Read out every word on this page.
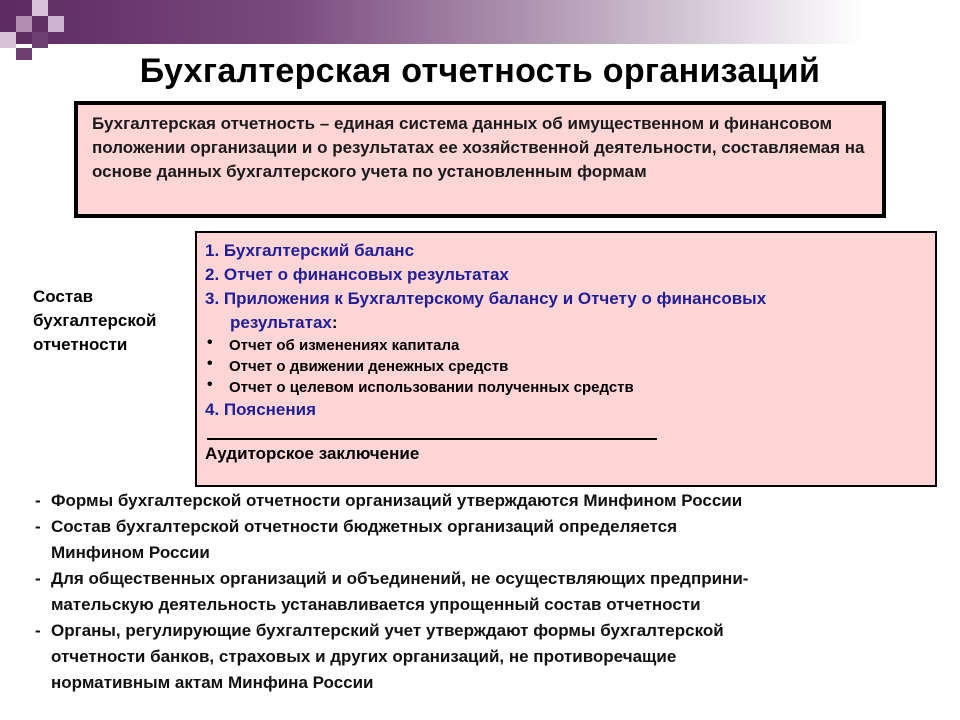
Бухгалтерская отчетность организаций
Бухгалтерская отчетность – единая система данных об имущественном и финансовом положении организации и о результатах ее хозяйственной деятельности, составляемая на основе данных бухгалтерского учета по установленным формам
Состав
бухгалтерской
отчетности
1. Бухгалтерский баланс
2. Отчет о финансовых результатах
3. Приложения к Бухгалтерскому балансу и Отчету о финансовых
результатах:
• Отчет об изменениях капитала
• Отчет о движении денежных средств
• Отчет о целевом использовании полученных средств
4. Пояснения
Аудиторское заключение
- Формы бухгалтерской отчетности организаций утверждаются Минфином России
- Состав бухгалтерской отчетности бюджетных организаций определяется
Минфином России
- Для общественных организаций и объединений, не осуществляющих предприни-
мательскую деятельность устанавливается упрощенный состав отчетности
- Органы, регулирующие бухгалтерский учет утверждают формы бухгалтерской
отчетности банков, страховых и других организаций, не противоречащие
нормативным актам Минфина России
